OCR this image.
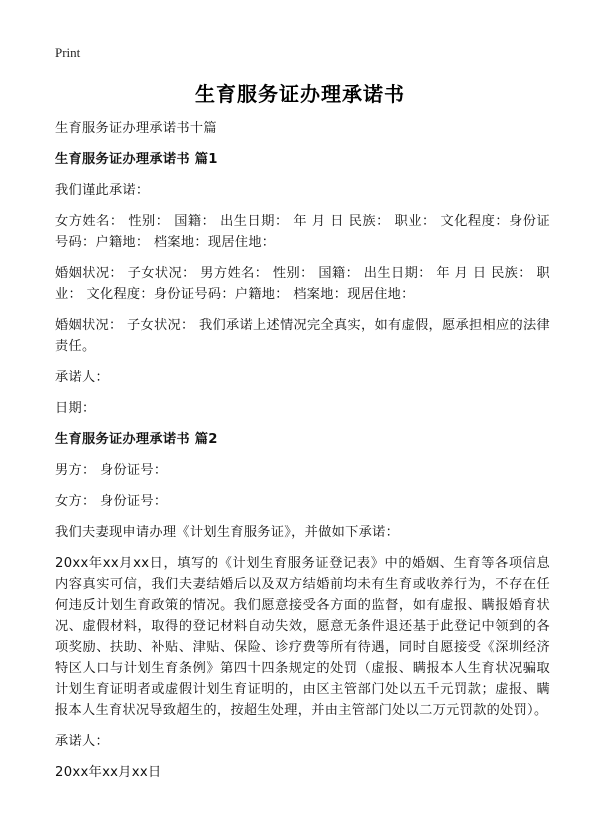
Print
生育服务证办理承诺书

生育服务证办理承诺书十篇

生育服务证办理承诺书 篇1

我们谨此承诺：

女方姓名： 性别： 国籍： 出生日期： 年 月 日 民族： 职业： 文化程度：身份证号码：户籍地： 档案地：现居住地：

婚姻状况： 子女状况： 男方姓名： 性别： 国籍： 出生日期： 年 月 日 民族： 职业： 文化程度：身份证号码：户籍地： 档案地：现居住地：

婚姻状况： 子女状况： 我们承诺上述情况完全真实，如有虚假，愿承担相应的法律责任。

承诺人：

日期：

生育服务证办理承诺书 篇2

男方： 身份证号：

女方： 身份证号：

我们夫妻现申请办理《计划生育服务证》，并做如下承诺：

20xx年xx月xx日，填写的《计划生育服务证登记表》中的婚姻、生育等各项信息内容真实可信，我们夫妻结婚后以及双方结婚前均未有生育或收养行为，不存在任何违反计划生育政策的情况。我们愿意接受各方面的监督，如有虚报、瞒报婚育状况、虚假材料，取得的登记材料自动失效，愿意无条件退还基于此登记中领到的各项奖励、扶助、补贴、津贴、保险、诊疗费等所有待遇，同时自愿接受《深圳经济特区人口与计划生育条例》第四十四条规定的处罚（虚报、瞒报本人生育状况骗取计划生育证明者或虚假计划生育证明的，由区主管部门处以五千元罚款；虚报、瞒报本人生育状况导致超生的，按超生处理，并由主管部门处以二万元罚款的处罚）。

承诺人：

20xx年xx月xx日
